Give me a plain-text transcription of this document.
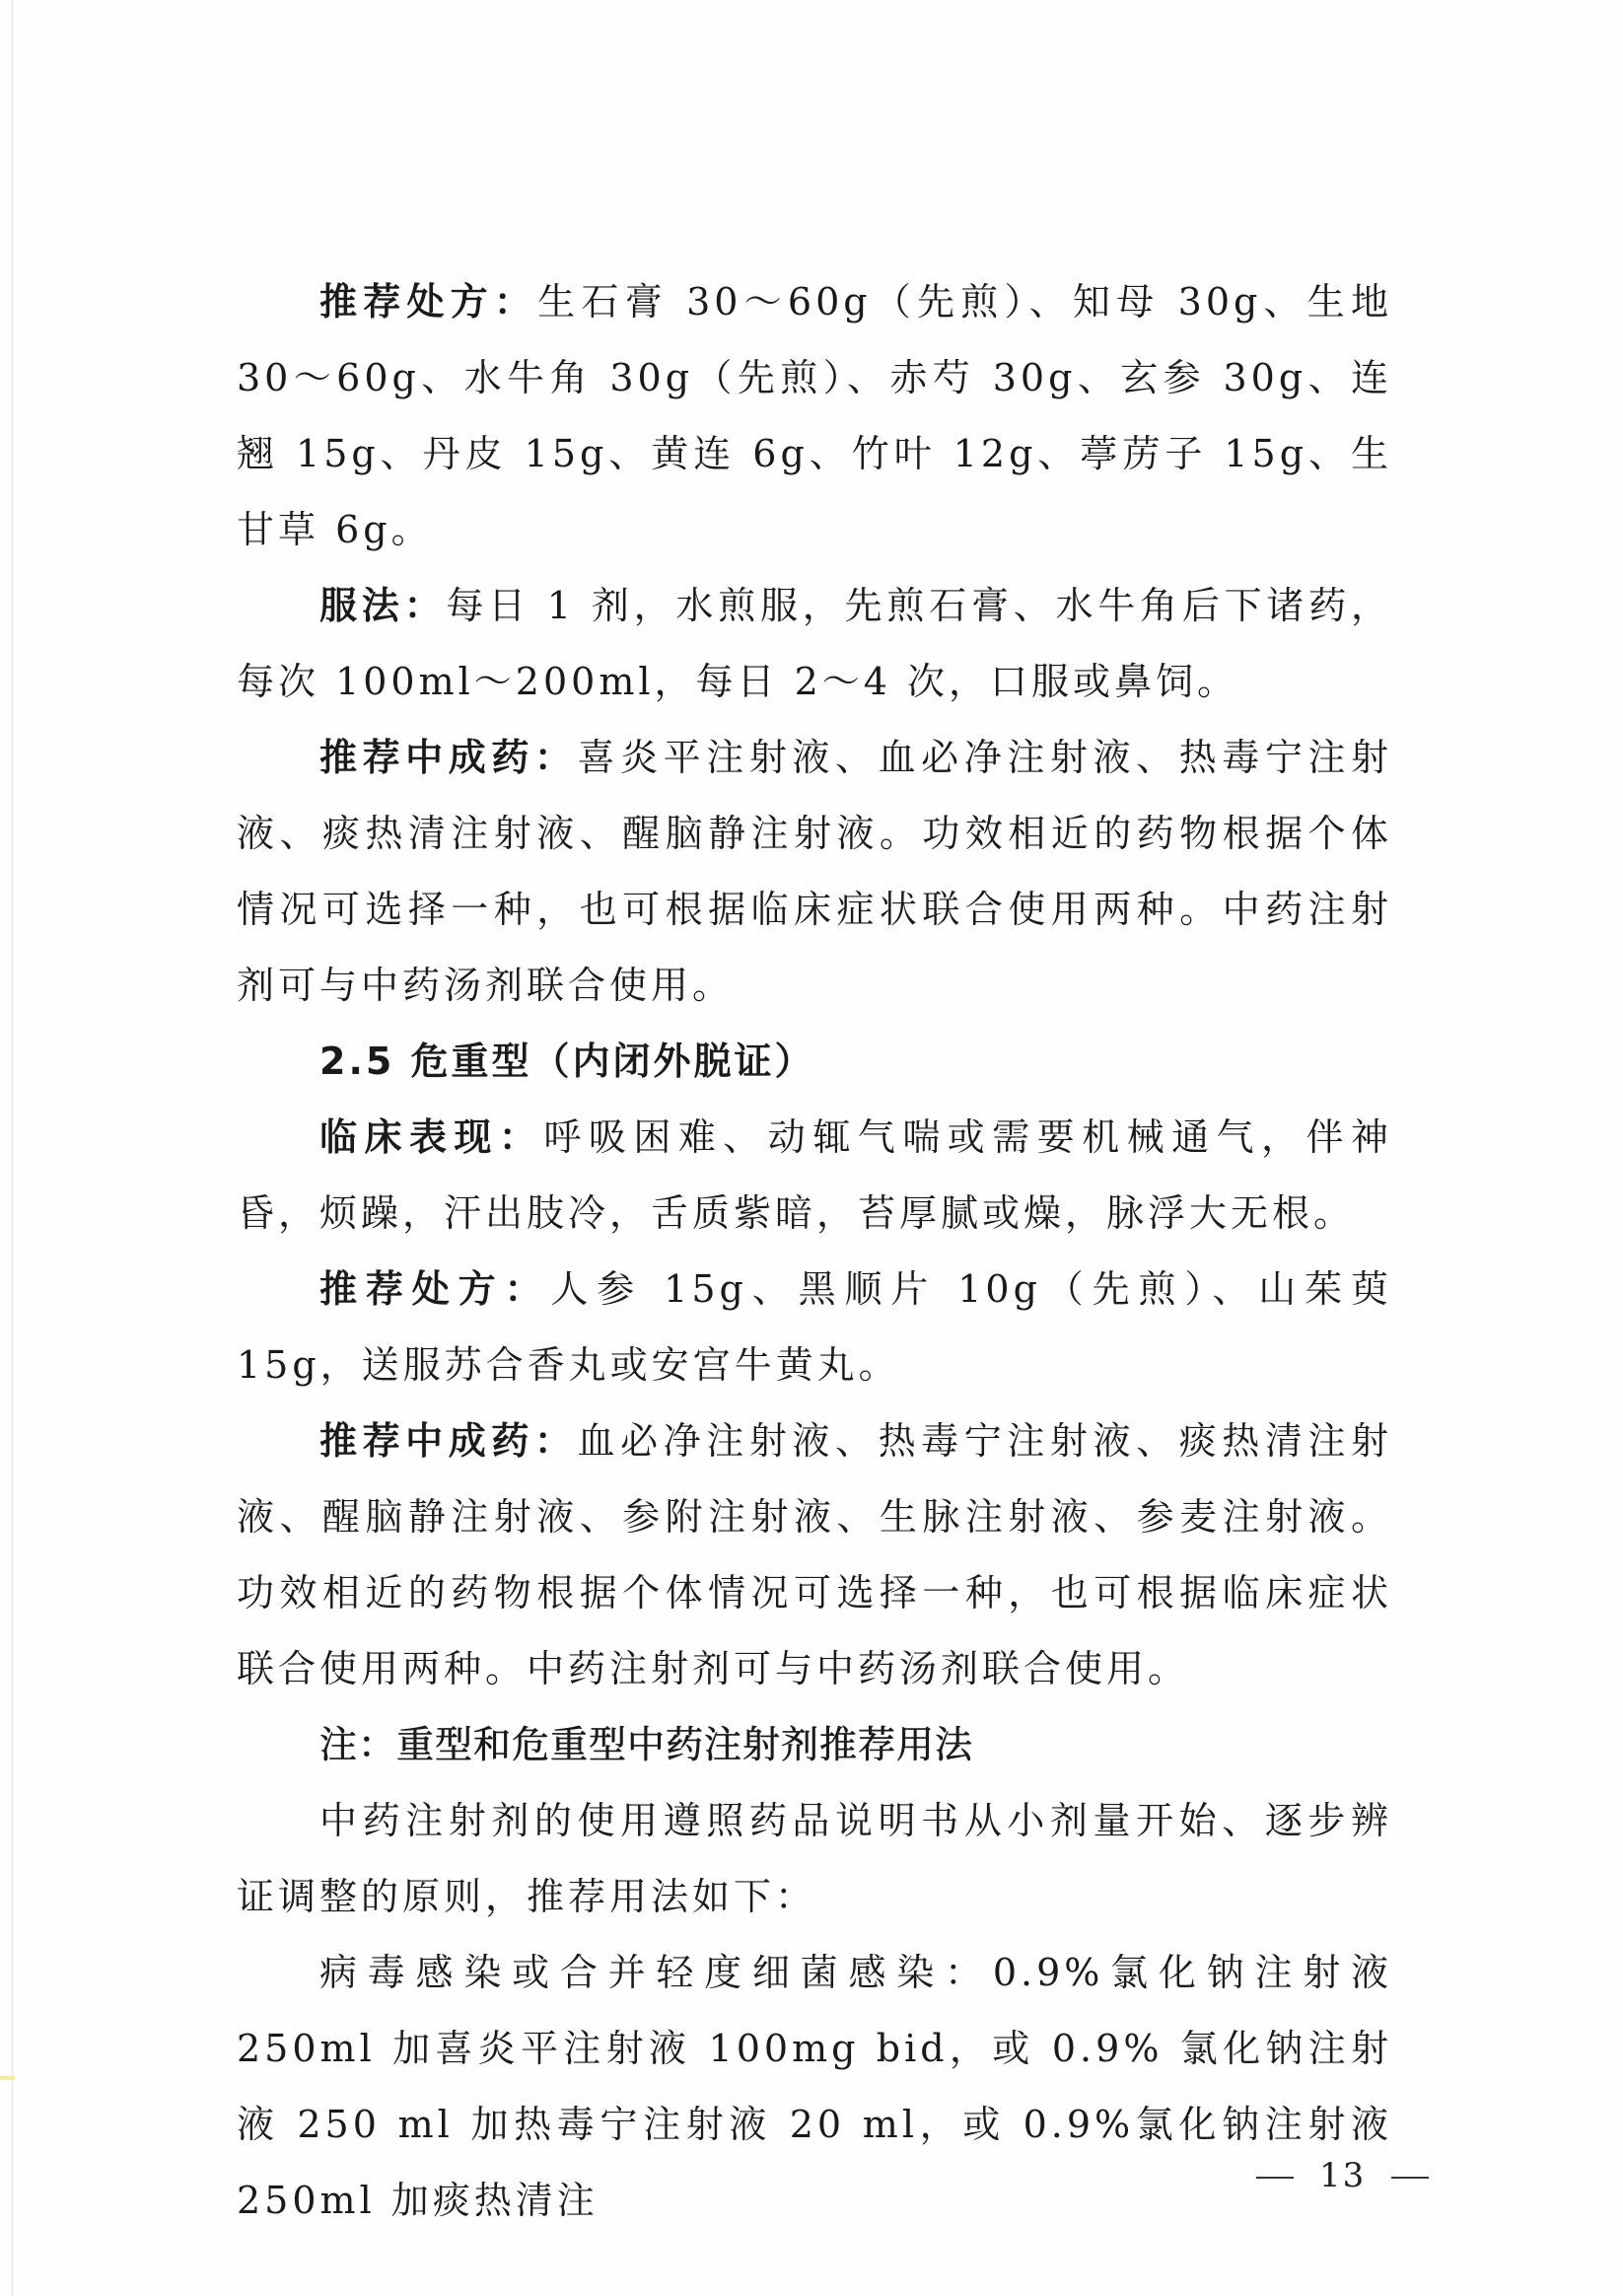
推荐处方：生石膏 30～60g（先煎）、知母 30g、生地 30～60g、水牛角 30g（先煎）、赤芍 30g、玄参 30g、连翘 15g、丹皮 15g、黄连 6g、竹叶 12g、葶苈子 15g、生甘草 6g。

服法：每日 1 剂，水煎服，先煎石膏、水牛角后下诸药，每次 100ml～200ml，每日 2～4 次，口服或鼻饲。

推荐中成药：喜炎平注射液、血必净注射液、热毒宁注射液、痰热清注射液、醒脑静注射液。功效相近的药物根据个体情况可选择一种，也可根据临床症状联合使用两种。中药注射剂可与中药汤剂联合使用。

2.5 危重型（内闭外脱证）

临床表现：呼吸困难、动辄气喘或需要机械通气，伴神昏，烦躁，汗出肢冷，舌质紫暗，苔厚腻或燥，脉浮大无根。

推荐处方：人参 15g、黑顺片 10g（先煎）、山茱萸 15g，送服苏合香丸或安宫牛黄丸。

推荐中成药：血必净注射液、热毒宁注射液、痰热清注射液、醒脑静注射液、参附注射液、生脉注射液、参麦注射液。功效相近的药物根据个体情况可选择一种，也可根据临床症状联合使用两种。中药注射剂可与中药汤剂联合使用。

注：重型和危重型中药注射剂推荐用法

中药注射剂的使用遵照药品说明书从小剂量开始、逐步辨证调整的原则，推荐用法如下：

病毒感染或合并轻度细菌感染：0.9%氯化钠注射液 250ml 加喜炎平注射液 100mg bid，或 0.9% 氯化钠注射液 250 ml 加热毒宁注射液 20 ml，或 0.9%氯化钠注射液 250ml 加痰热清注

13
